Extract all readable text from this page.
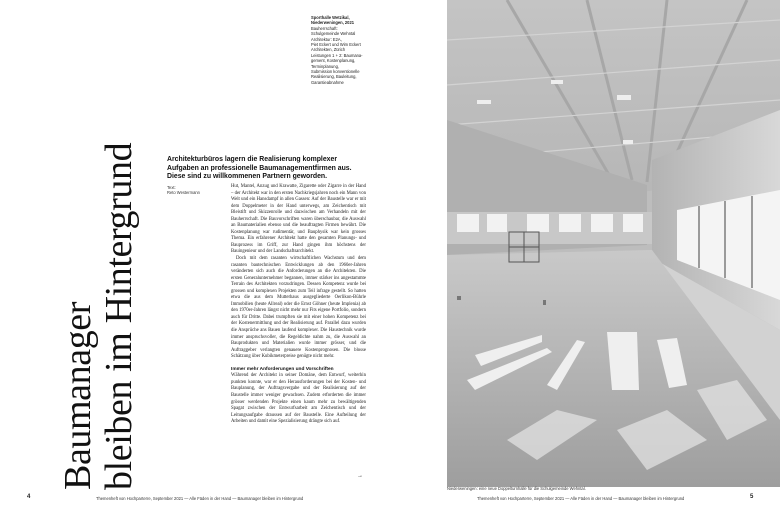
Baumanager bleiben im Hintergrund
Sporthalle Wetzikal,
Niederweningen, 2021
Bauherrschaft:
Schulgemeinde Wehntal
Architektur: E2A,
Piet Eckert und Wim Eckert
Architekten, Zürich
Leistungen 1 + 2: Baumana-
gement, Kostenplanung,
Terminplanung,
Submission konventionelle
Realisierung, Bauleitung,
Garantieabnahme
Architekturbüros lagern die Realisierung komplexer
Aufgaben an professionelle Baumanagementfirmen aus.
Diese sind zu willkommenen Partnern geworden.
Text:
Reto Westermann

Hut, Mantel, Anzug und Krawatte, Zigarette oder Zigarre in der Hand – der Architekt war in den ersten Nachkriegsjahren noch ein Mann von Welt und ein Hansdampf in allen Gassen: Auf der Baustelle war er mit dem Doppelmeter in der Hand unterwegs, am Zeichentisch mit Bleistift und Skizzenrolle und dazwischen am Verhandeln mit der Bauherrschaft. Die Bauvorschriften waren überschaubar, die Auswahl an Baumaterialien ebenso und die beauftragten Firmen bewährt. Die Kostenplanung war rudimentär, und Bauphysik war kein grosses Thema. Ein erfahrener Architekt hatte den gesamten Planungs- und Bauprozess im Griff, zur Hand gingen ihm höchstens der Bauingenieur und der Landschaftsarchitekt.

Doch mit dem rasanten wirtschaftlichen Wachstum und dem rasanten bautechnischen Entwicklungen ab den 1960er-Jahren veränderten sich auch die Anforderungen an die Architekten. Die ersten Generalunternehmer begannen, immer stärker ins angestammte Terrain des Architekten vorzudringen. Dessen Kompetenz wurde bei grossen und komplexen Projekten zum Teil infrage gestellt. So hatten etwa die aus dem Mutterhaus ausgegliederte Oerlikon-Bührle Immobilien (heute Allreal) oder die Ernst Göhner (heute Implenia) ab den 1970er-Jahren längst nicht mehr nur Fits eigene Portfolio, sondern auch für Dritte. Dabei trumpften sie mit einer hohen Kompetenz bei der Kostenermittlung und der Realisierung auf. Parallel dazu wurden die Ansprüche ans Bauen laufend komplexer. Die Haustechnik wurde immer anspruchsvoller, die Regeldichte nahm zu, die Auswahl an Bauprodukten und Materialien wurde immer grösser, und die Auftraggeber verlangten genauere Kostenprognosen. Die blosse Schätzung über Kubikmeterpreise genügte nicht mehr.

Immer mehr Anforderungen und Vorschriften

Während der Architekt in seiner Domäne, dem Entwurf, weiterhin punkten konnte, war er den Herausforderungen bei der Kosten- und Bauplanung, der Auftragsvergabe und der Realisierung auf der Baustelle immer weniger gewachsen. Zudem erforderten die immer grösser werdenden Projekte einen kaum mehr zu bewältigenden Spagat zwischen der Entwurfsarbeit am Zeichentisch und der Leitungsaufgabe draussen auf der Baustelle. Eine Aufteilung der Arbeiten und damit eine Spezialisierung drängte sich auf.

→
4	Themenheft von Hochparterre, September 2021 — Alle Fäden in der Hand — Baumanager bleiben im Hintergrund
Niederweningen: eine neue Doppelturnhalle für die Schulgemeinde Wehntal.
Themenheft von Hochparterre, September 2021 — Alle Fäden in der Hand — Baumanager bleiben im Hintergrund	5
